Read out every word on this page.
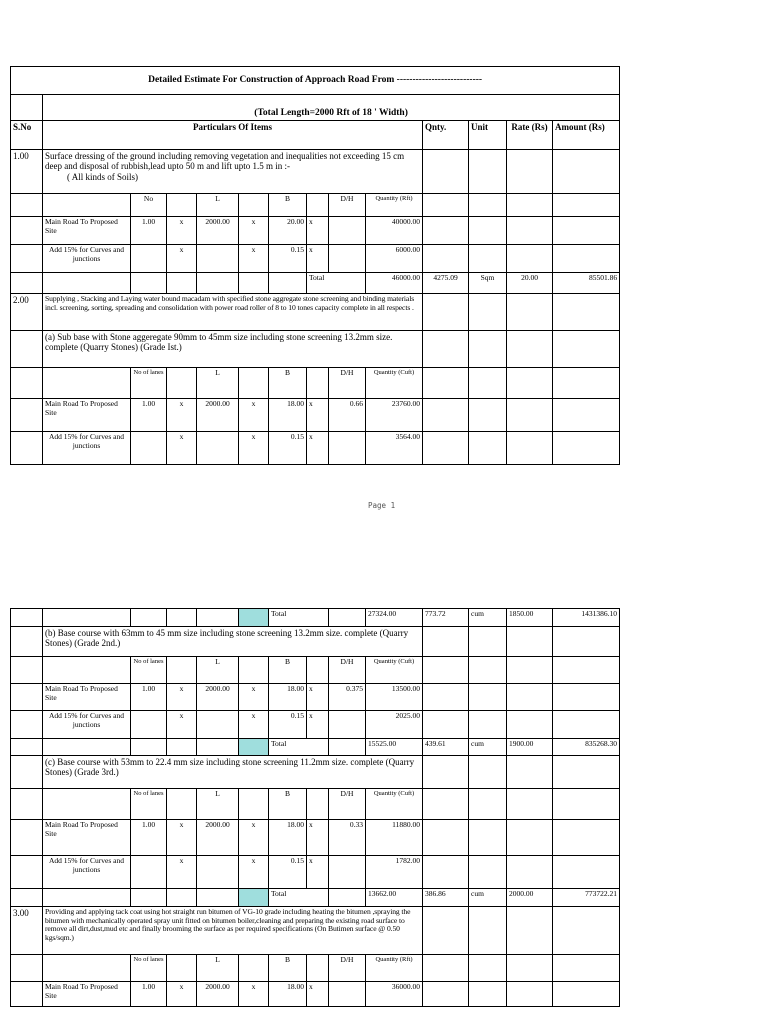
Detailed Estimate For Construction of Approach Road From ---------------------------													
	(Total Length=2000 Rft of 18 ' Width)												
S.No	Particulars Of Items									Qnty.	Unit	Rate (Rs)	Amount (Rs)
1.00	Surface dressing of the ground including removing vegetation and inequalities not exceeding 15 cm deep and disposal of rubbish,lead upto 50 m and lift upto 1.5 m in :-
( All kinds of Soils)												
		No		L		B		D/H	Quantity (Rft)				
	Main Road To Proposed Site	1.00	x	2000.00	x	20.00	x		40000.00				
	Add 15% for Curves and junctions		x		x	0.15	x		6000.00				
							Total		46000.00	4275.09	Sqm	20.00	85501.86
2.00	Supplying , Stacking and Laying water bound macadam with specified stone aggregate stone screening and binding materials incl. screening, sorting, spreading and consolidation with power road roller of 8 to 10 tones capacity complete in all respects .												
	(a) Sub base with Stone aggeregate 90mm to 45mm size including stone screening 13.2mm size. complete (Quarry Stones) (Grade Ist.)												
		No of lanes		L		B		D/H	Quantity (Cuft)				
	Main Road To Proposed Site	1.00	x	2000.00	x	18.00	x	0.66	23760.00				
	Add 15% for Curves and junctions		x		x	0.15	x		3564.00				
Page 1
						Total			27324.00	773.72	cum	1850.00	1431386.10
	(b) Base course with 63mm to 45 mm size including stone screening 13.2mm size. complete (Quarry Stones) (Grade 2nd.)												
		No of lanes		L		B		D/H	Quantity (Cuft)				
	Main Road To Proposed Site	1.00	x	2000.00	x	18.00	x	0.375	13500.00				
	Add 15% for Curves and junctions		x		x	0.15	x		2025.00				
						Total			15525.00	439.61	cum	1900.00	835268.30
	(c) Base course with 53mm to 22.4 mm size including stone screening 11.2mm size. complete (Quarry Stones) (Grade 3rd.)												
		No of lanes		L		B		D/H	Quantity (Cuft)				
	Main Road To Proposed Site	1.00	x	2000.00	x	18.00	x	0.33	11880.00				
	Add 15% for Curves and junctions		x		x	0.15	x		1782.00				
						Total			13662.00	386.86	cum	2000.00	773722.21
3.00	Providing and applying tack coat using hot straight run bitumen of VG-10 grade including heating the bitumen ,spraying the bitumen with mechanically operated spray unit fitted on bitumen boiler,cleaning and preparing the existing road surface to remove all dirt,dust,mud etc and finally brooming the surface as per required specifications (On Butimen surface @ 0.50 kgs/sqm.)												
		No of lanes		L		B		D/H	Quantity (Rft)				
	Main Road To Proposed Site	1.00	x	2000.00	x	18.00	x		36000.00				
